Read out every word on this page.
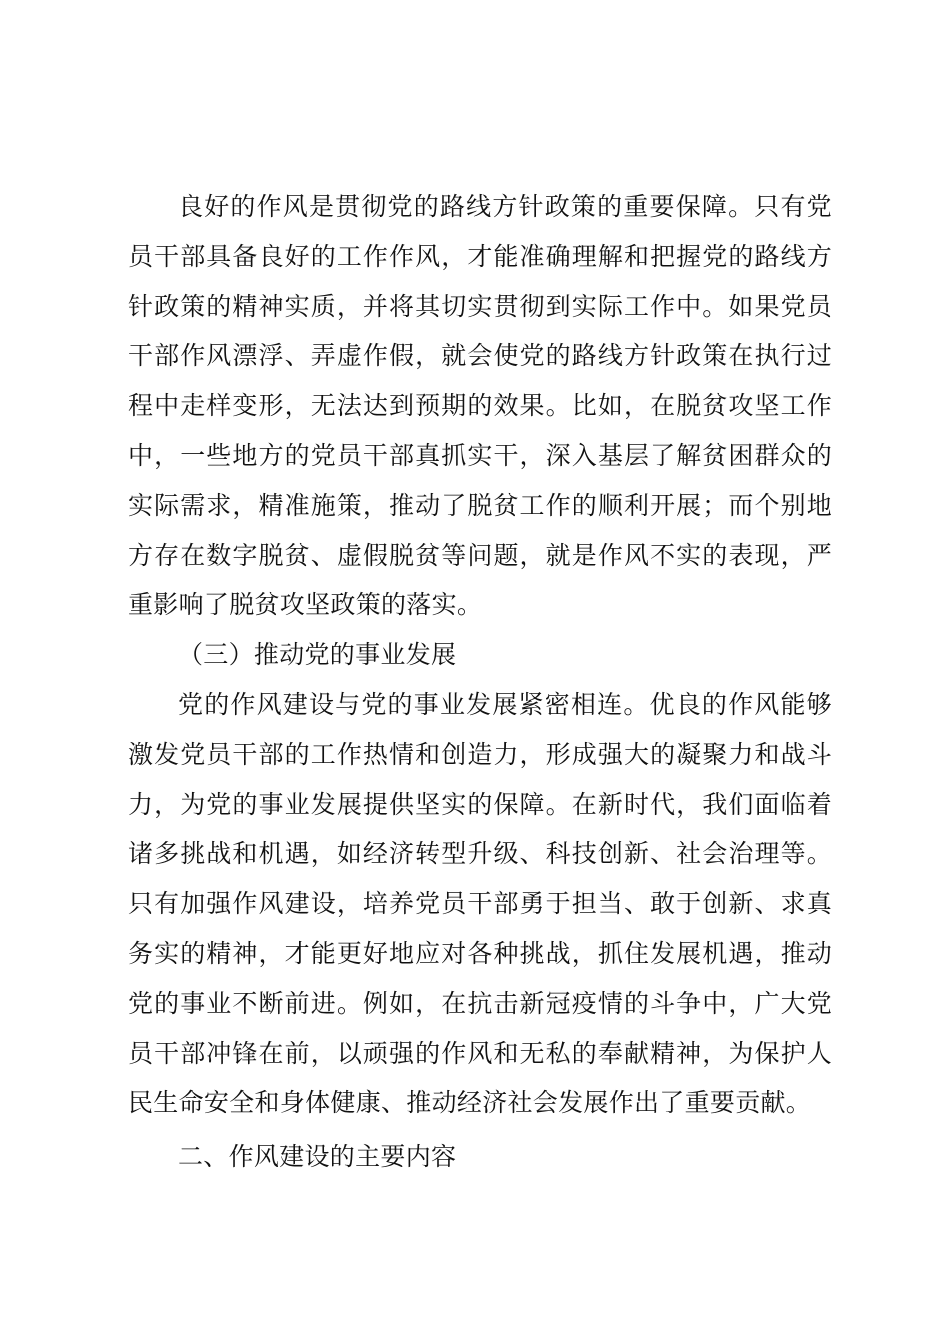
良好的作风是贯彻党的路线方针政策的重要保障。只有党员干部具备良好的工作作风，才能准确理解和把握党的路线方针政策的精神实质，并将其切实贯彻到实际工作中。如果党员干部作风漂浮、弄虚作假，就会使党的路线方针政策在执行过程中走样变形，无法达到预期的效果。比如，在脱贫攻坚工作中，一些地方的党员干部真抓实干，深入基层了解贫困群众的实际需求，精准施策，推动了脱贫工作的顺利开展；而个别地方存在数字脱贫、虚假脱贫等问题，就是作风不实的表现，严重影响了脱贫攻坚政策的落实。

（三）推动党的事业发展

党的作风建设与党的事业发展紧密相连。优良的作风能够激发党员干部的工作热情和创造力，形成强大的凝聚力和战斗力，为党的事业发展提供坚实的保障。在新时代，我们面临着诸多挑战和机遇，如经济转型升级、科技创新、社会治理等。只有加强作风建设，培养党员干部勇于担当、敢于创新、求真务实的精神，才能更好地应对各种挑战，抓住发展机遇，推动党的事业不断前进。例如，在抗击新冠疫情的斗争中，广大党员干部冲锋在前，以顽强的作风和无私的奉献精神，为保护人民生命安全和身体健康、推动经济社会发展作出了重要贡献。

二、作风建设的主要内容
